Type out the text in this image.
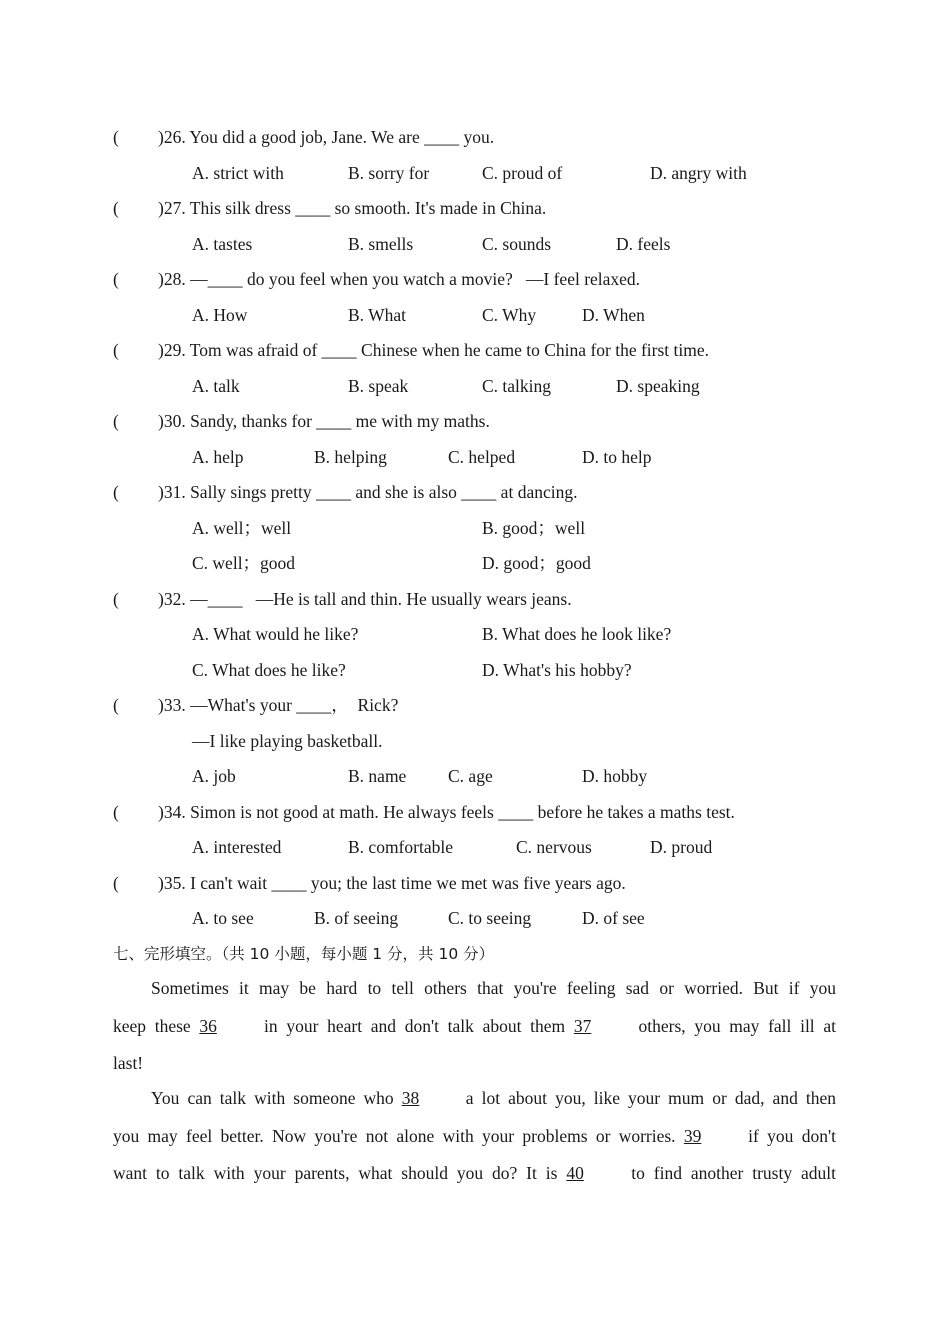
( )26. You did a good job, Jane. We are ____ you.
A. strict with	B. sorry for	C. proud of	D. angry with
( )27. This silk dress ____ so smooth. It's made in China.
A. tastes	B. smells	C. sounds	D. feels
( )28. —____ do you feel when you watch a movie?   —I feel relaxed.
A. How	B. What	C. Why	D. When
( )29. Tom was afraid of ____ Chinese when he came to China for the first time.
A. talk	B. speak	C. talking	D. speaking
( )30. Sandy, thanks for ____ me with my maths.
A. help	B. helping	C. helped	D. to help
( )31. Sally sings pretty ____ and she is also ____ at dancing.
A. well；well	B. good；well
C. well；good	D. good；good
( )32. —____   —He is tall and thin. He usually wears jeans.
A. What would he like?	B. What does he look like?
C. What does he like?	D. What's his hobby?
( )33. —What's your ____，  Rick?
—I like playing basketball.
A. job	B. name C. age	D. hobby
( )34. Simon is not good at math. He always feels ____ before he takes a maths test.
A. interested	B. comfortable	C. nervous	D. proud
( )35. I can't wait ____ you; the last time we met was five years ago.
A. to see	B. of seeing	C. to seeing	D. of see
七、完形填空。（共 10 小题，每小题 1 分，共 10 分）
Sometimes it may be hard to tell others that you're feeling sad or worried. But if you
keep these 36 in your heart and don't talk about them 37 others, you may fall ill at
last!
You can talk with someone who 38 a lot about you, like your mum or dad, and then
you may feel better. Now you're not alone with your problems or worries. 39 if you don't
want to talk with your parents, what should you do? It is 40 to find another trusty adult
